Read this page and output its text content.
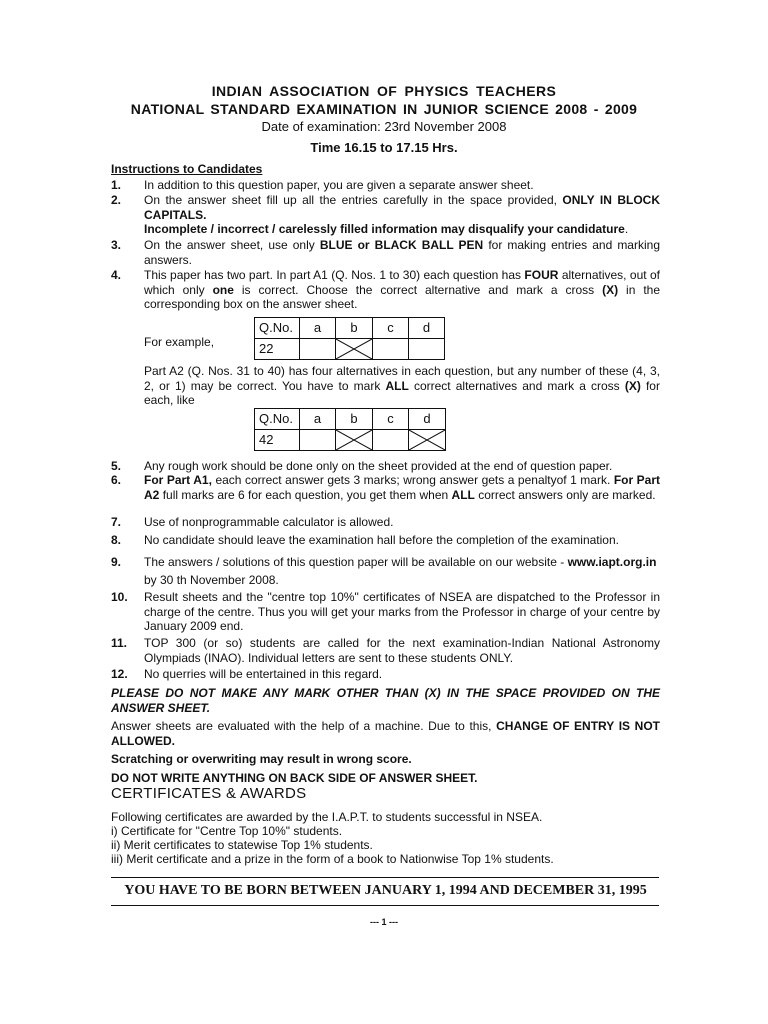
INDIAN ASSOCIATION OF PHYSICS TEACHERS
NATIONAL STANDARD EXAMINATION IN JUNIOR SCIENCE 2008 - 2009
Date of examination: 23rd November 2008
Time 16.15 to 17.15 Hrs.
Instructions to Candidates
1. In addition to this question paper, you are given a separate answer sheet.
2. On the answer sheet fill up all the entries carefully in the space provided, ONLY IN BLOCK CAPITALS.
Incomplete / incorrect / carelessly filled information may disqualify your candidature.
3. On the answer sheet, use only BLUE or BLACK BALL PEN for making entries and marking answers.
4. This paper has two part. In part A1 (Q. Nos. 1 to 30) each question has FOUR alternatives, out of which only one is correct. Choose the correct alternative and mark a cross (X) in the corresponding box on the answer sheet.
For example,
Q.No.	a	b	c	d
22		

Part A2 (Q. Nos. 31 to 40) has four alternatives in each question, but any number of these (4, 3, 2, or 1) may be correct. You have to mark ALL correct alternatives and mark a cross (X) for each, like
Q.No.	a	b	c	d
42		

5. Any rough work should be done only on the sheet provided at the end of question paper.
6. For Part A1, each correct answer gets 3 marks; wrong answer gets a penaltyof 1 mark. For Part A2 full marks are 6 for each question, you get them when ALL correct answers only are marked.
7. Use of nonprogrammable calculator is allowed.
8. No candidate should leave the examination hall before the completion of the examination.
9. The answers / solutions of this question paper will be available on our website - www.iapt.org.in
by 30 th November 2008.
10. Result sheets and the "centre top 10%" certificates of NSEA are dispatched to the Professor in charge of the centre. Thus you will get your marks from the Professor in charge of your centre by January 2009 end.
11. TOP 300 (or so) students are called for the next examination-Indian National Astronomy Olympiads (INAO). Individual letters are sent to these students ONLY.
12. No querries will be entertained in this regard.
PLEASE DO NOT MAKE ANY MARK OTHER THAN (X) IN THE SPACE PROVIDED ON THE ANSWER SHEET.
Answer sheets are evaluated with the help of a machine. Due to this, CHANGE OF ENTRY IS NOT ALLOWED.
Scratching or overwriting may result in wrong score.
DO NOT WRITE ANYTHING ON BACK SIDE OF ANSWER SHEET.
CERTIFICATES & AWARDS
Following certificates are awarded by the I.A.P.T. to students successful in NSEA.
i) Certificate for "Centre Top 10%" students.
ii) Merit certificates to statewise Top 1% students.
iii) Merit certificate and a prize in the form of a book to Nationwise Top 1% students.
YOU HAVE TO BE BORN BETWEEN JANUARY 1, 1994 AND DECEMBER 31, 1995
--- 1 ---
